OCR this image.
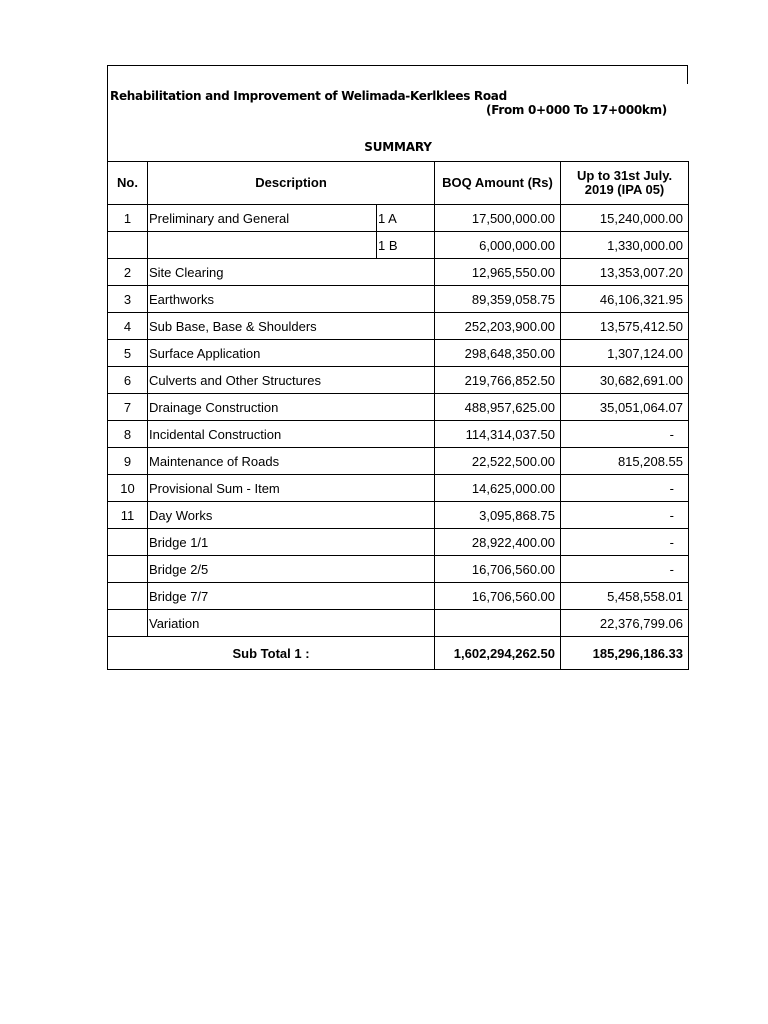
Rehabilitation and Improvement of Welimada-Kerlklees Road
(From 0+000 To 17+000km)
SUMMARY
No.	Description		BOQ Amount (Rs)	Up to 31st July.
2019 (IPA 05)

1	Preliminary and General	1 A	17,500,000.00	15,240,000.00
		1 B	6,000,000.00	1,330,000.00
2	Site Clearing		12,965,550.00	13,353,007.20
3	Earthworks		89,359,058.75	46,106,321.95
4	Sub Base, Base & Shoulders		252,203,900.00	13,575,412.50
5	Surface Application		298,648,350.00	1,307,124.00
6	Culverts and Other Structures		219,766,852.50	30,682,691.00
7	Drainage Construction		488,957,625.00	35,051,064.07
8	Incidental Construction		114,314,037.50	-
9	Maintenance of Roads		22,522,500.00	815,208.55
10	Provisional Sum - Item		14,625,000.00	-
11	Day Works		3,095,868.75	-
	Bridge 1/1		28,922,400.00	-
	Bridge 2/5		16,706,560.00	-
	Bridge 7/7		16,706,560.00	5,458,558.01
	Variation			22,376,799.06
Sub Total 1 :			1,602,294,262.50	185,296,186.33
